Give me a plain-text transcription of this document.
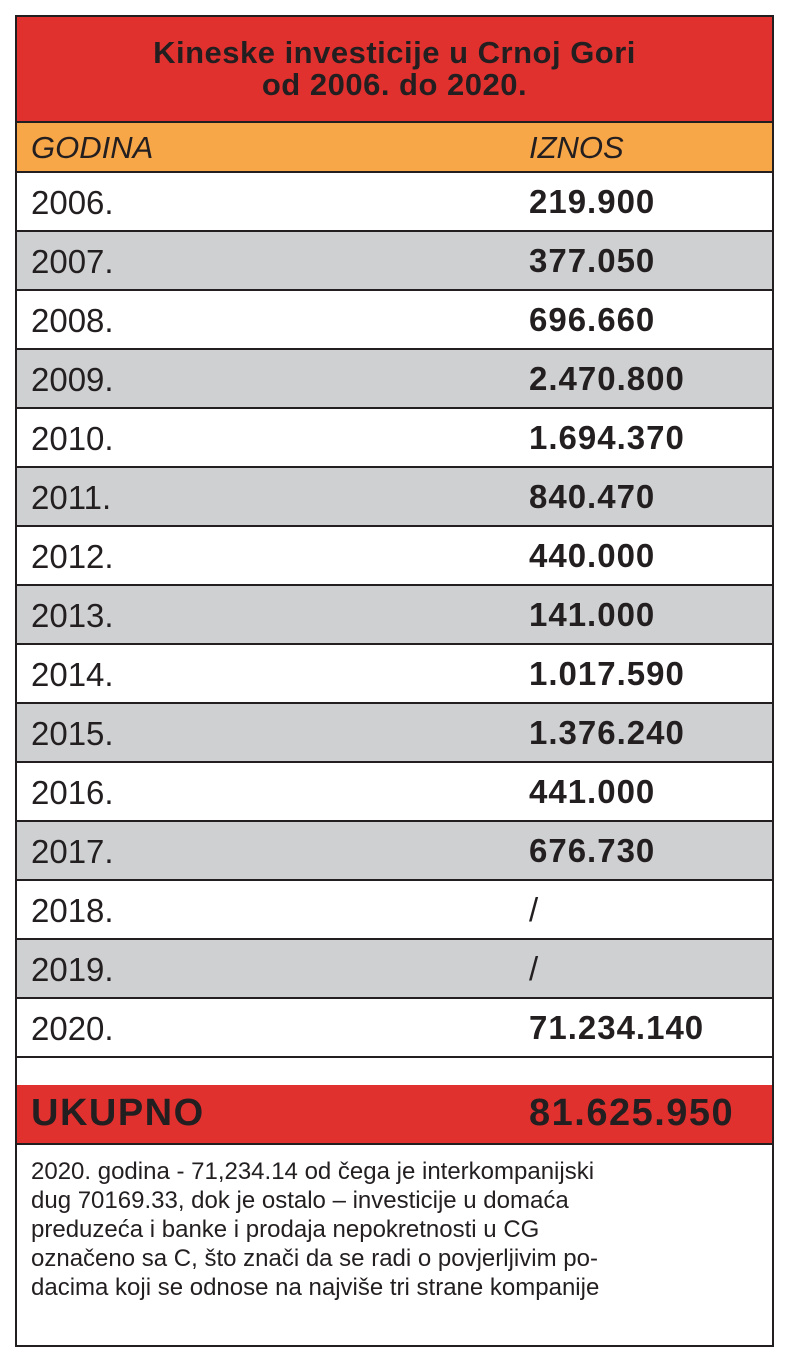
Kineske investicije u Crnoj Gori
od 2006. do 2020.
GODINA	IZNOS
2006.	219.900
2007.	377.050
2008.	696.660
2009.	2.470.800
2010.	1.694.370
2011.	840.470
2012.	440.000
2013.	141.000
2014.	1.017.590
2015.	1.376.240
2016.	441.000
2017.	676.730
2018.	/
2019.	/
2020.	71.234.140
UKUPNO	81.625.950
2020. godina - 71,234.14 od čega je interkompanijski
dug 70169.33, dok je ostalo – investicije u domaća
preduzeća i banke i prodaja nepokretnosti u CG
označeno sa C, što znači da se radi o povjerljivim po-
dacima koji se odnose na najviše tri strane kompanije
